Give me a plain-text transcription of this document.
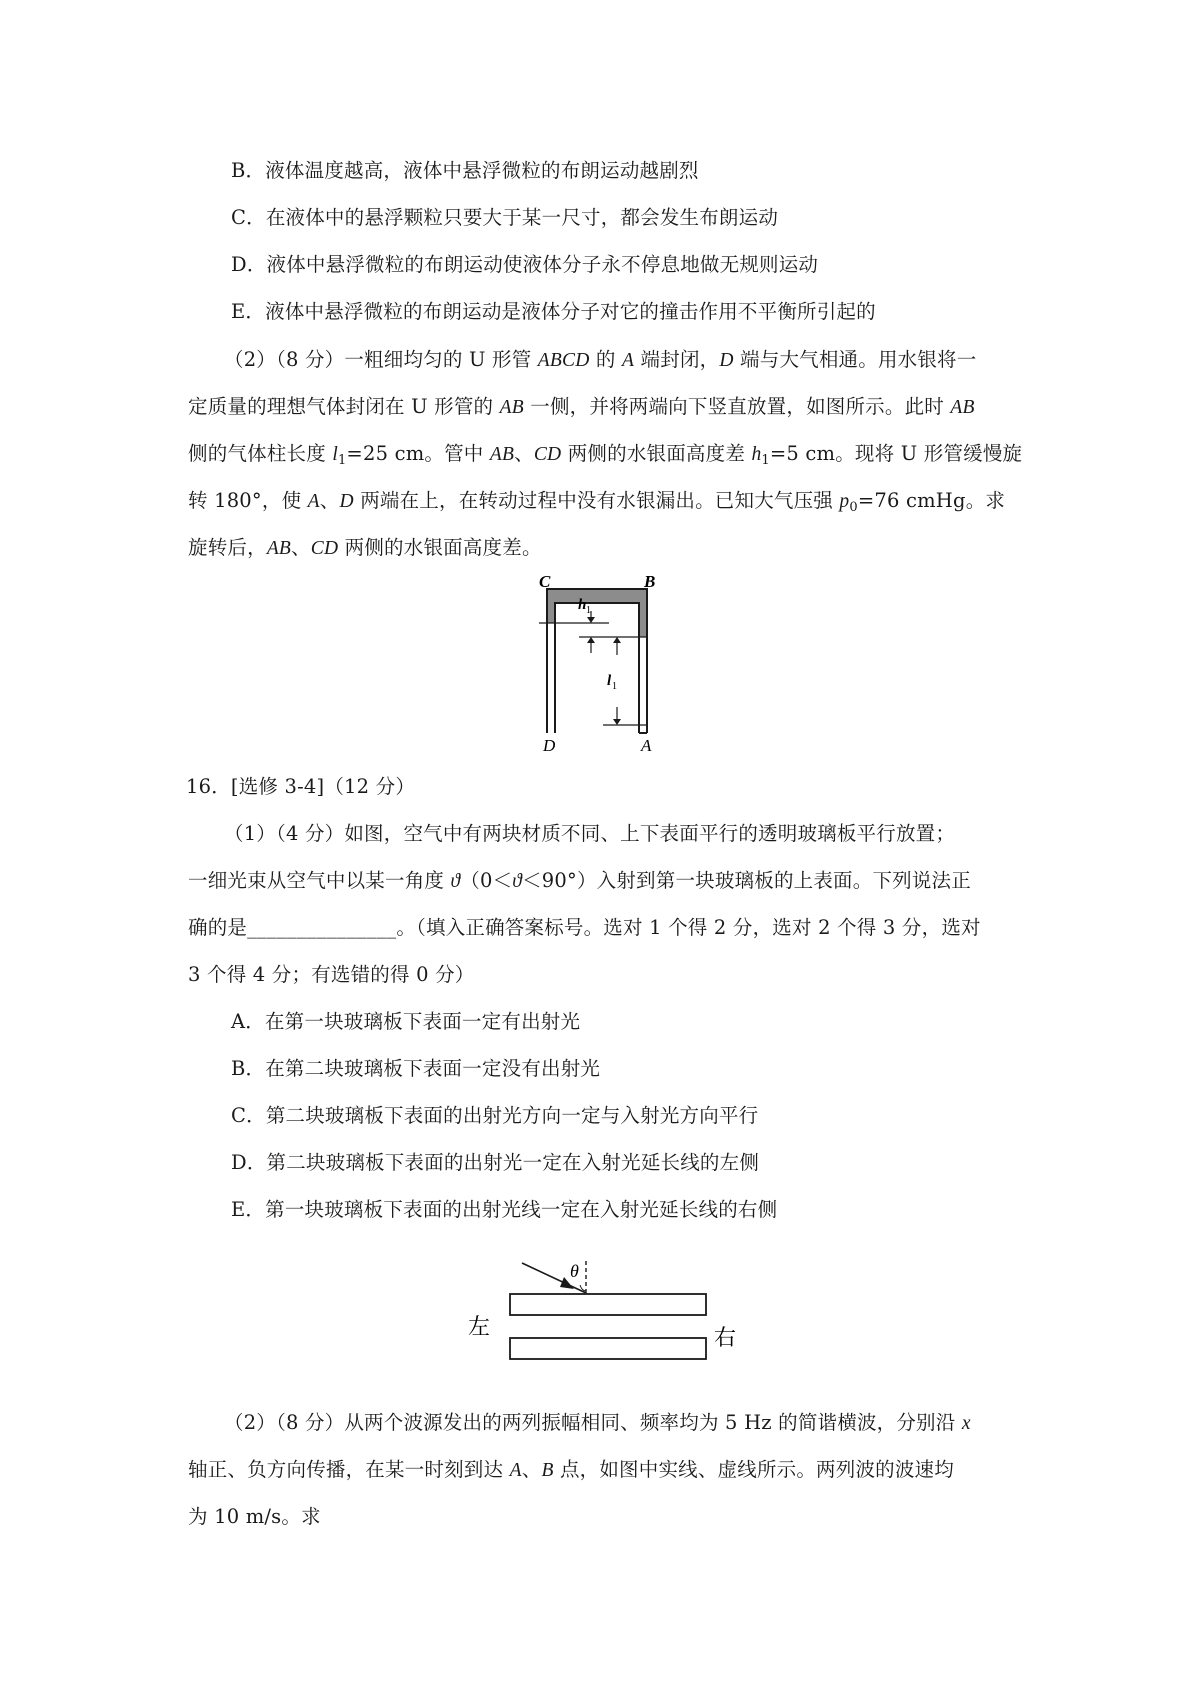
B．液体温度越高，液体中悬浮微粒的布朗运动越剧烈
C．在液体中的悬浮颗粒只要大于某一尺寸，都会发生布朗运动
D．液体中悬浮微粒的布朗运动使液体分子永不停息地做无规则运动
E．液体中悬浮微粒的布朗运动是液体分子对它的撞击作用不平衡所引起的
（2）（8 分）一粗细均匀的 U 形管 ABCD 的 A 端封闭，D 端与大气相通。用水银将一
定质量的理想气体封闭在 U 形管的 AB 一侧，并将两端向下竖直放置，如图所示。此时 AB
侧的气体柱长度 $l_1=25$ cm。管中 AB、CD 两侧的水银面高度差 $h_1=5$ cm。现将 U 形管缓慢旋
转 180°，使 A、D 两端在上，在转动过程中没有水银漏出。已知大气压强 $p_0=76$ cmHg。求
旋转后，AB、CD 两侧的水银面高度差。
C	B
h 1
l 1
D	A
16．[选修 3-4]（12 分）
（1）（4 分）如图，空气中有两块材质不同、上下表面平行的透明玻璃板平行放置；
一细光束从空气中以某一角度 ϑ（0＜ϑ＜90°）入射到第一块玻璃板的上表面。下列说法正
确的是_______________。（填入正确答案标号。选对 1 个得 2 分，选对 2 个得 3 分，选对
3 个得 4 分；有选错的得 0 分）
A．在第一块玻璃板下表面一定有出射光
B．在第二块玻璃板下表面一定没有出射光
C．第二块玻璃板下表面的出射光方向一定与入射光方向平行
D．第二块玻璃板下表面的出射光一定在入射光延长线的左侧
E．第一块玻璃板下表面的出射光线一定在入射光延长线的右侧
θ
左	右
（2）（8 分）从两个波源发出的两列振幅相同、频率均为 5 Hz 的简谐横波，分别沿 x
轴正、负方向传播，在某一时刻到达 A、B 点，如图中实线、虚线所示。两列波的波速均
为 10 m/s。求
